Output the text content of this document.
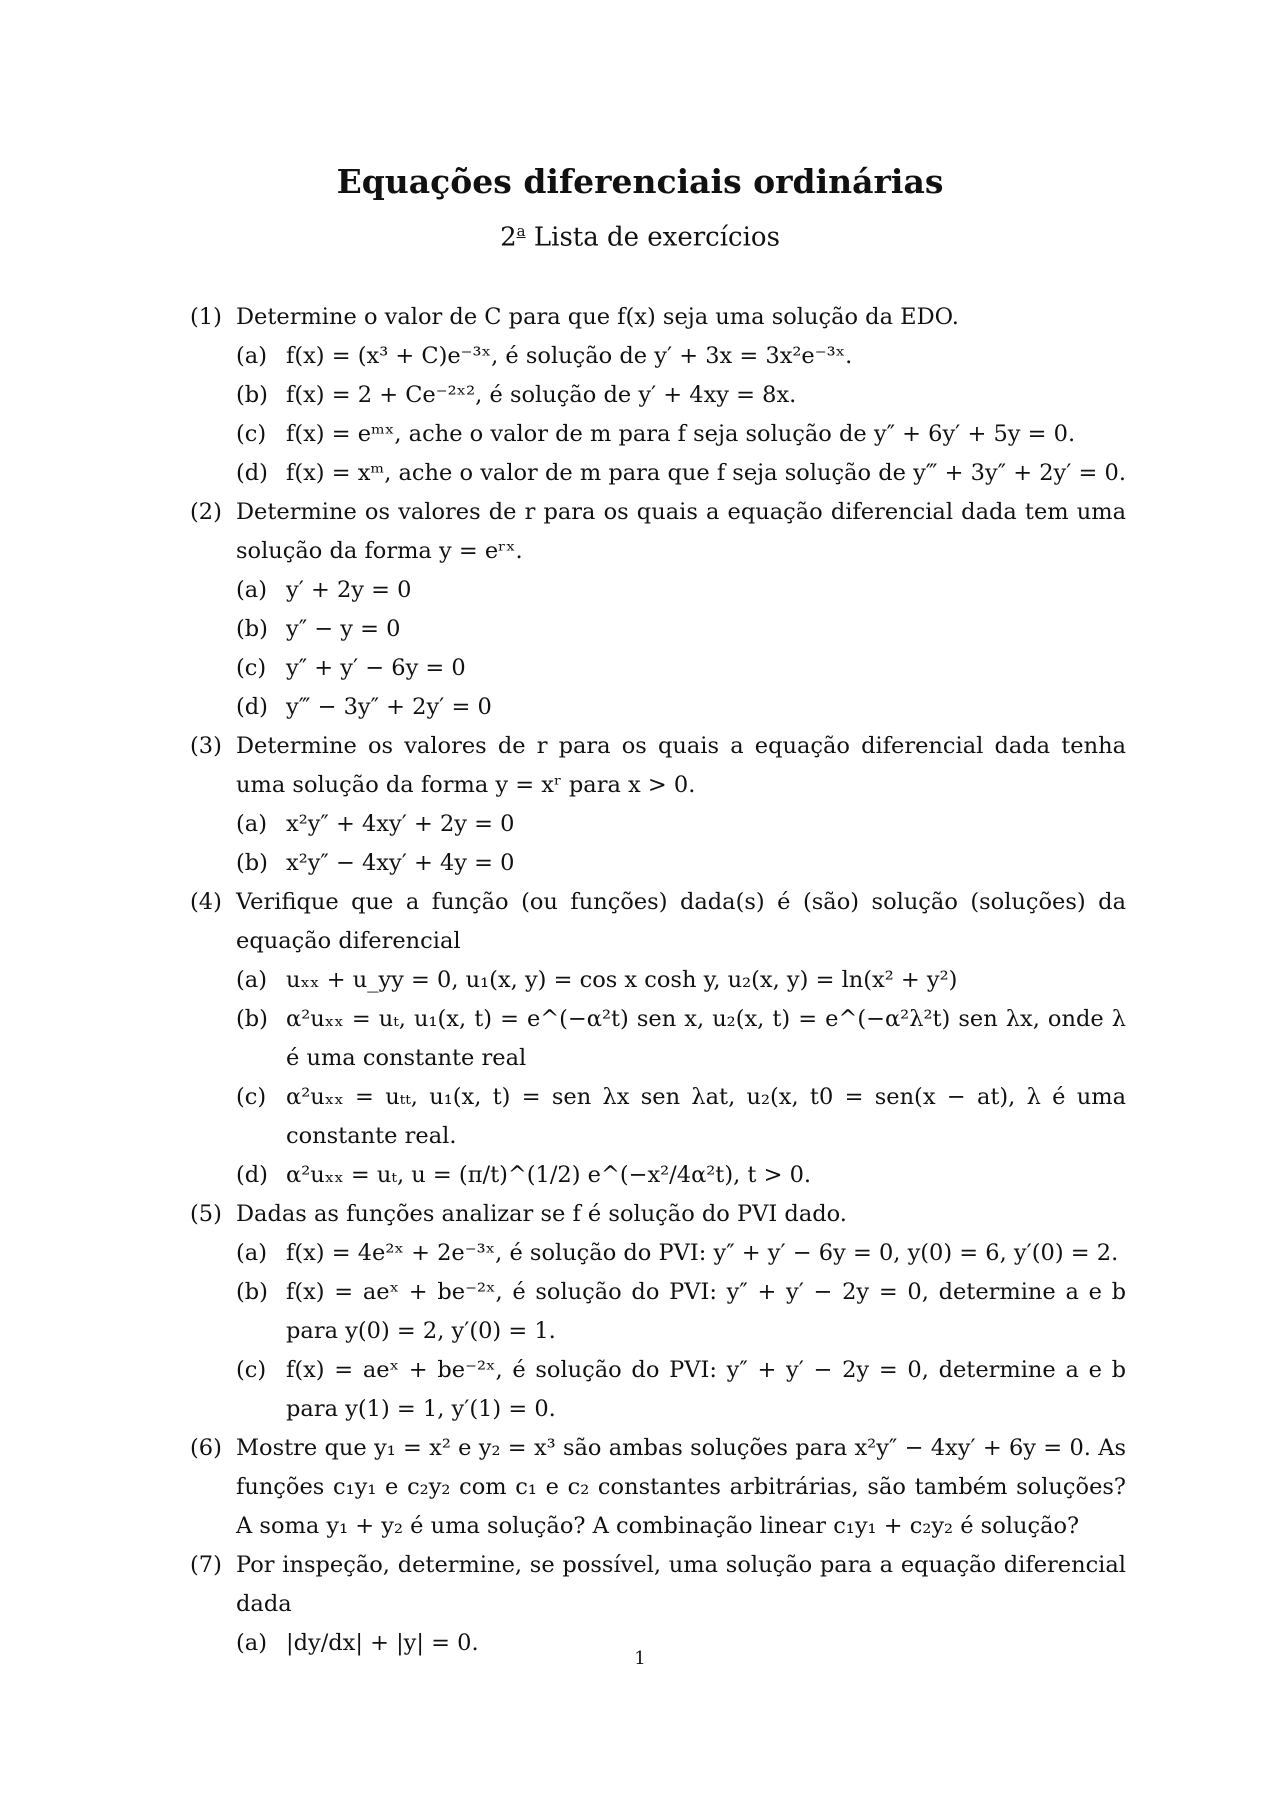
Equações diferenciais ordinárias
2$^a$ Lista de exercícios
(1) Determine o valor de C para que f(x) seja uma solução da EDO.
(a) f(x) = (x³ + C)e⁻³ˣ, é solução de y′ + 3x = 3x²e⁻³ˣ.
(b) f(x) = 2 + Ce⁻²ˣ², é solução de y′ + 4xy = 8x.
(c) f(x) = eᵐˣ, ache o valor de m para f seja solução de y″ + 6y′ + 5y = 0.
(d) f(x) = xᵐ, ache o valor de m para que f seja solução de y‴ + 3y″ + 2y′ = 0.
(2) Determine os valores de r para os quais a equação diferencial dada tem uma solução da forma y = eʳˣ.
(a) y′ + 2y = 0
(b) y″ − y = 0
(c) y″ + y′ − 6y = 0
(d) y‴ − 3y″ + 2y′ = 0
(3) Determine os valores de r para os quais a equação diferencial dada tenha uma solução da forma y = xʳ para x > 0.
(a) x²y″ + 4xy′ + 2y = 0
(b) x²y″ − 4xy′ + 4y = 0
(4) Verifique que a função (ou funções) dada(s) é (são) solução (soluções) da equação diferencial
(a) uₓₓ + u_yy = 0, u₁(x, y) = cos x cosh y, u₂(x, y) = ln(x² + y²)
(b) α²uₓₓ = uₜ, u₁(x, t) = e^(−α²t) sen x, u₂(x, t) = e^(−α²λ²t) sen λx, onde λ é uma constante real
(c) α²uₓₓ = uₜₜ, u₁(x, t) = sen λx sen λat, u₂(x, t0 = sen(x − at), λ é uma constante real.
(d) α²uₓₓ = uₜ, u = (π/t)^(1/2) e^(−x²/4α²t), t > 0.
(5) Dadas as funções analizar se f é solução do PVI dado.
(a) f(x) = 4e²ˣ + 2e⁻³ˣ, é solução do PVI: y″ + y′ − 6y = 0, y(0) = 6, y′(0) = 2.
(b) f(x) = aeˣ + be⁻²ˣ, é solução do PVI: y″ + y′ − 2y = 0, determine a e b para y(0) = 2, y′(0) = 1.
(c) f(x) = aeˣ + be⁻²ˣ, é solução do PVI: y″ + y′ − 2y = 0, determine a e b para y(1) = 1, y′(1) = 0.
(6) Mostre que y₁ = x² e y₂ = x³ são ambas soluções para x²y″ − 4xy′ + 6y = 0. As funções c₁y₁ e c₂y₂ com c₁ e c₂ constantes arbitrárias, são também soluções? A soma y₁ + y₂ é uma solução? A combinação linear c₁y₁ + c₂y₂ é solução?
(7) Por inspeção, determine, se possível, uma solução para a equação diferencial dada
(a) |dy/dx| + |y| = 0.
1
